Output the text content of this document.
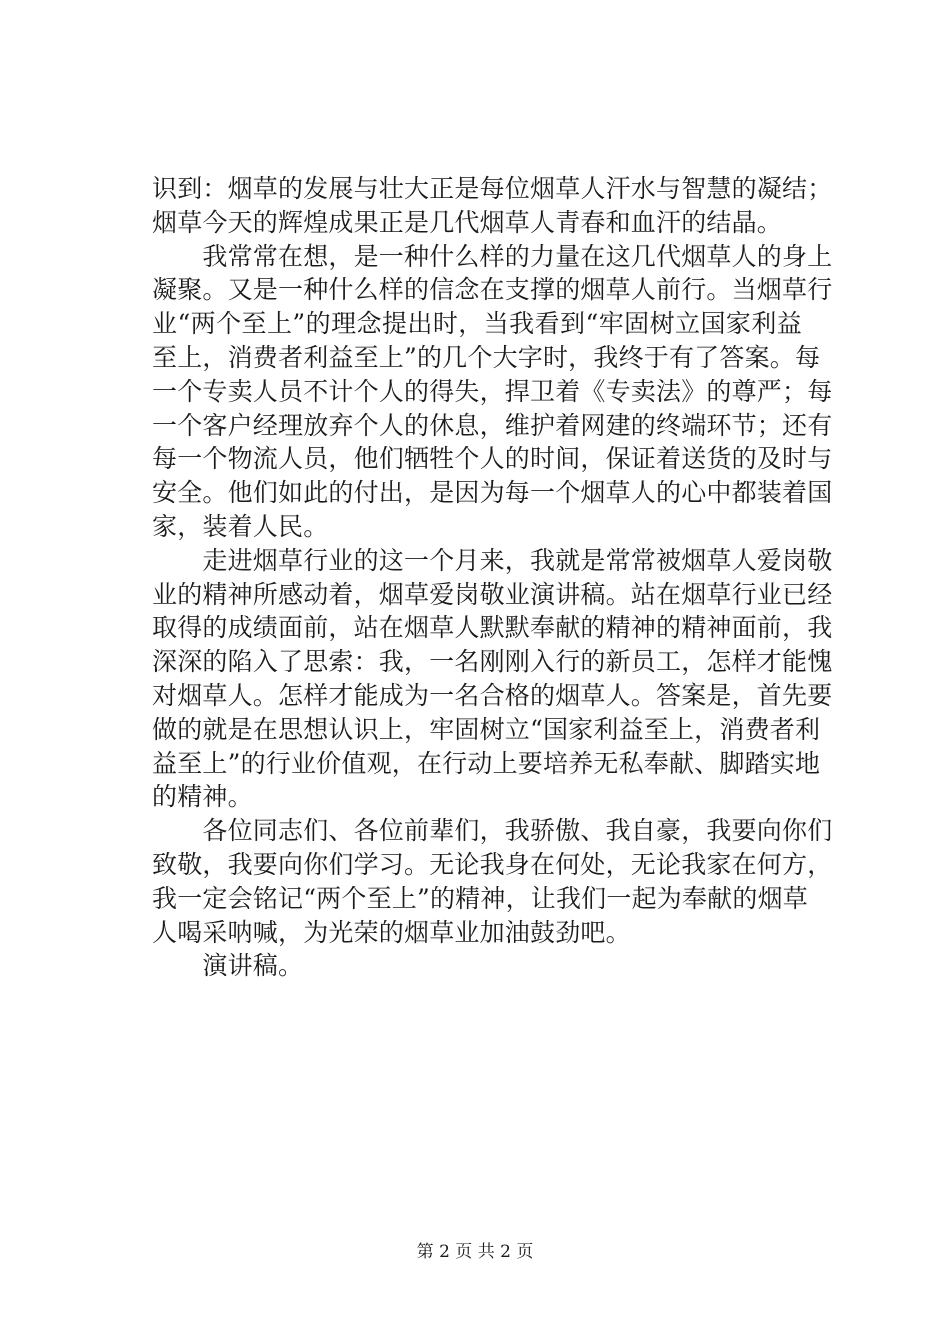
识到：烟草的发展与壮大正是每位烟草人汗水与智慧的凝结；
烟草今天的辉煌成果正是几代烟草人青春和血汗的结晶。
　　我常常在想，是一种什么样的力量在这几代烟草人的身上
凝聚。又是一种什么样的信念在支撑的烟草人前行。当烟草行
业“两个至上”的理念提出时，当我看到“牢固树立国家利益
至上，消费者利益至上”的几个大字时，我终于有了答案。每
一个专卖人员不计个人的得失，捍卫着《专卖法》的尊严；每
一个客户经理放弃个人的休息，维护着网建的终端环节；还有
每一个物流人员，他们牺牲个人的时间，保证着送货的及时与
安全。他们如此的付出，是因为每一个烟草人的心中都装着国
家，装着人民。
　　走进烟草行业的这一个月来，我就是常常被烟草人爱岗敬
业的精神所感动着，烟草爱岗敬业演讲稿。站在烟草行业已经
取得的成绩面前，站在烟草人默默奉献的精神的精神面前，我
深深的陷入了思索：我，一名刚刚入行的新员工，怎样才能愧
对烟草人。怎样才能成为一名合格的烟草人。答案是，首先要
做的就是在思想认识上，牢固树立“国家利益至上，消费者利
益至上”的行业价值观，在行动上要培养无私奉献、脚踏实地
的精神。
　　各位同志们、各位前辈们，我骄傲、我自豪，我要向你们
致敬，我要向你们学习。无论我身在何处，无论我家在何方，
我一定会铭记“两个至上”的精神，让我们一起为奉献的烟草
人喝采呐喊，为光荣的烟草业加油鼓劲吧。
　　演讲稿。
第 2 页 共 2 页
